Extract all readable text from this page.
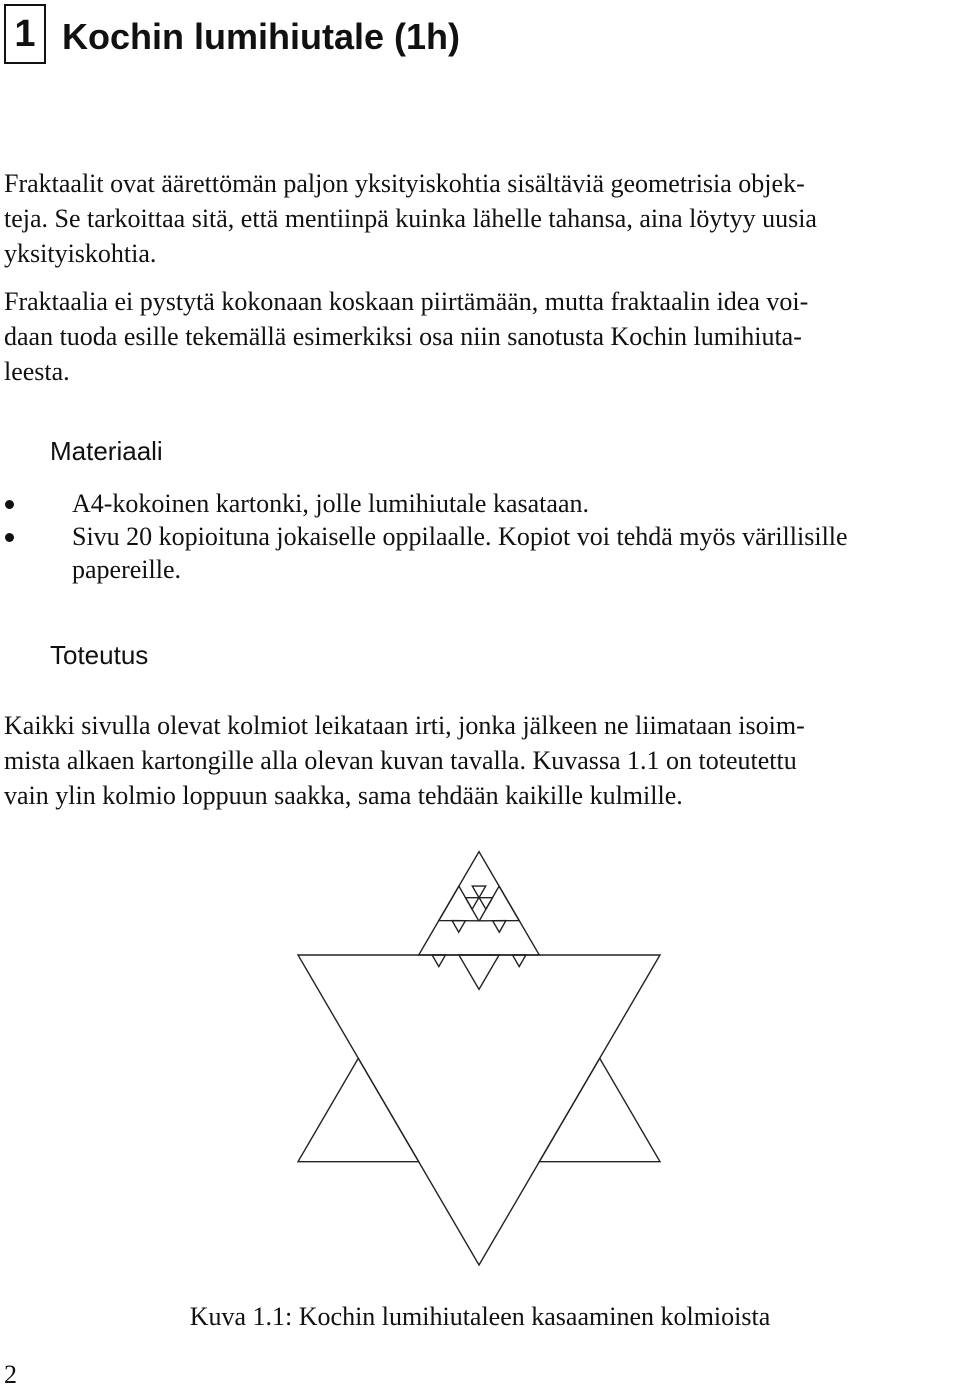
1 Kochin lumihiutale (1h)

Fraktaalit ovat äärettömän paljon yksityiskohtia sisältäviä geometrisia objek-
teja. Se tarkoittaa sitä, että mentiinpä kuinka lähelle tahansa, aina löytyy uusia
yksityiskohtia.

Fraktaalia ei pystytä kokonaan koskaan piirtämään, mutta fraktaalin idea voi-
daan tuoda esille tekemällä esimerkiksi osa niin sanotusta Kochin lumihiuta-
leesta.

Materiaali
A4-kokoinen kartonki, jolle lumihiutale kasataan.
Sivu 20 kopioituna jokaiselle oppilaalle. Kopiot voi tehdä myös värillisille
papereille.
Toteutus

Kaikki sivulla olevat kolmiot leikataan irti, jonka jälkeen ne liimataan isoim-
mista alkaen kartongille alla olevan kuvan tavalla. Kuvassa 1.1 on toteutettu
vain ylin kolmio loppuun saakka, sama tehdään kaikille kulmille.

Kuva 1.1: Kochin lumihiutaleen kasaaminen kolmioista

2
